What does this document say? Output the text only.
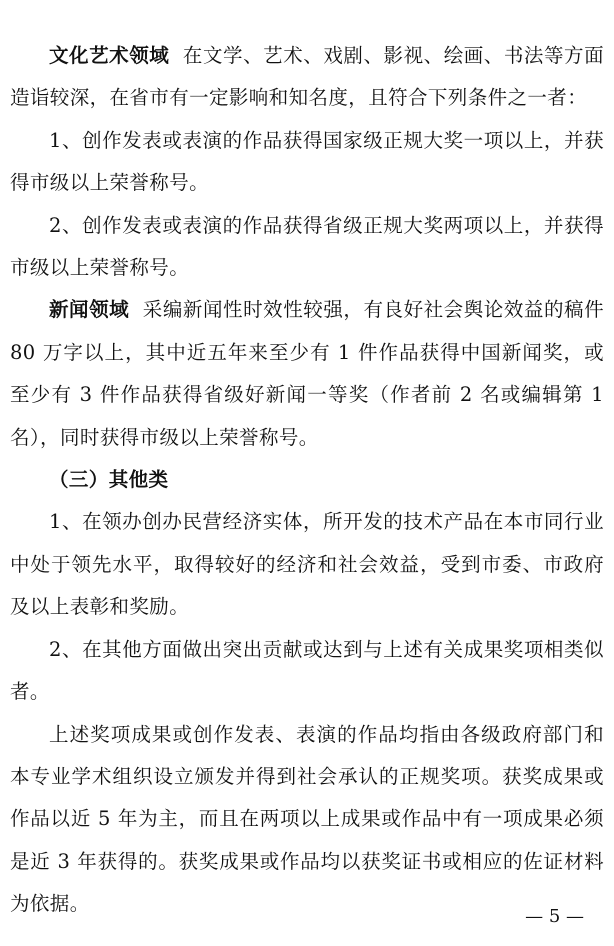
文化艺术领域 在文学、艺术、戏剧、影视、绘画、书法等方面造诣较深，在省市有一定影响和知名度，且符合下列条件之一者：

1、创作发表或表演的作品获得国家级正规大奖一项以上，并获得市级以上荣誉称号。

2、创作发表或表演的作品获得省级正规大奖两项以上，并获得市级以上荣誉称号。

新闻领域 采编新闻性时效性较强，有良好社会舆论效益的稿件 80 万字以上，其中近五年来至少有 1 件作品获得中国新闻奖，或至少有 3 件作品获得省级好新闻一等奖（作者前 2 名或编辑第 1 名），同时获得市级以上荣誉称号。

（三）其他类

1、在领办创办民营经济实体，所开发的技术产品在本市同行业中处于领先水平，取得较好的经济和社会效益，受到市委、市政府及以上表彰和奖励。

2、在其他方面做出突出贡献或达到与上述有关成果奖项相类似者。

上述奖项成果或创作发表、表演的作品均指由各级政府部门和本专业学术组织设立颁发并得到社会承认的正规奖项。获奖成果或作品以近 5 年为主，而且在两项以上成果或作品中有一项成果必须是近 3 年获得的。获奖成果或作品均以获奖证书或相应的佐证材料为依据。

— 5 —
